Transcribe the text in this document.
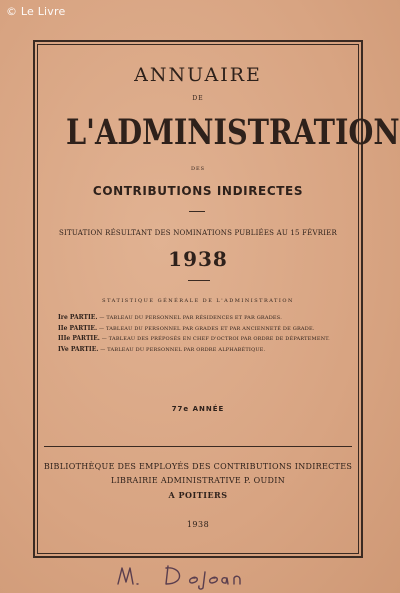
© Le Livre
ANNUAIRE
DE
L'ADMINISTRATION
DES
CONTRIBUTIONS INDIRECTES
SITUATION RÉSULTANT DES NOMINATIONS PUBLIÉES AU 15 FÉVRIER
1938
STATISTIQUE GÉNÉRALE DE L'ADMINISTRATION
Ire PARTIE. — TABLEAU DU PERSONNEL PAR RÉSIDENCES ET PAR GRADES.
IIe PARTIE. — TABLEAU DU PERSONNEL PAR GRADES ET PAR ANCIENNETÉ DE GRADE.
IIIe PARTIE. — TABLEAU DES PRÉPOSÉS EN CHEF D'OCTROI PAR ORDRE DE DÉPARTEMENT.
IVe PARTIE. — TABLEAU DU PERSONNEL PAR ORDRE ALPHABÉTIQUE.
77e ANNÉE
BIBLIOTHÈQUE DES EMPLOYÉS DES CONTRIBUTIONS INDIRECTES
LIBRAIRIE ADMINISTRATIVE P. OUDIN
A POITIERS
1938
